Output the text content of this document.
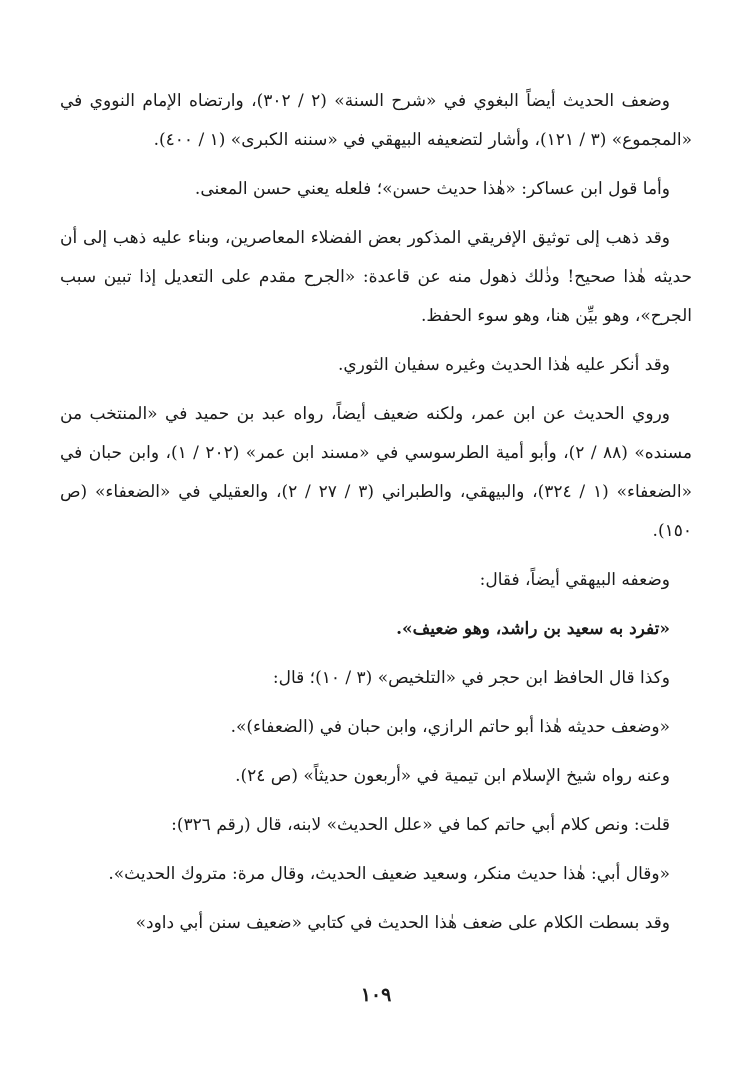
وضعف الحديث أيضاً البغوي في «شرح السنة» (٢ / ٣٠٢)، وارتضاه الإمام النووي في «المجموع» (٣ / ١٢١)، وأشار لتضعيفه البيهقي في «سننه الكبرى» (١ / ٤٠٠).

وأما قول ابن عساكر: «هٰذا حديث حسن»؛ فلعله يعني حسن المعنى.

وقد ذهب إلى توثيق الإفريقي المذكور بعض الفضلاء المعاصرين، وبناء عليه ذهب إلى أن حديثه هٰذا صحيح! وذٰلك ذهول منه عن قاعدة: «الجرح مقدم على التعديل إذا تبين سبب الجرح»، وهو بيِّن هنا، وهو سوء الحفظ.

وقد أنكر عليه هٰذا الحديث وغيره سفيان الثوري.

وروي الحديث عن ابن عمر، ولكنه ضعيف أيضاً، رواه عبد بن حميد في «المنتخب من مسنده» (٨٨ / ٢)، وأبو أمية الطرسوسي في «مسند ابن عمر» (٢٠٢ / ١)، وابن حبان في «الضعفاء» (١ / ٣٢٤)، والبيهقي، والطبراني (٣ / ٢٧ / ٢)، والعقيلي في «الضعفاء» (ص ١٥٠).

وضعفه البيهقي أيضاً، فقال:

«تفرد به سعيد بن راشد، وهو ضعيف».

وكذا قال الحافظ ابن حجر في «التلخيص» (٣ / ١٠)؛ قال:

«وضعف حديثه هٰذا أبو حاتم الرازي، وابن حبان في (الضعفاء)».

وعنه رواه شيخ الإسلام ابن تيمية في «أربعون حديثاً» (ص ٢٤).

قلت: ونص كلام أبي حاتم كما في «علل الحديث» لابنه، قال (رقم ٣٢٦):

«وقال أبي: هٰذا حديث منكر، وسعيد ضعيف الحديث، وقال مرة: متروك الحديث».

وقد بسطت الكلام على ضعف هٰذا الحديث في كتابي «ضعيف سنن أبي داود»

١٠٩
